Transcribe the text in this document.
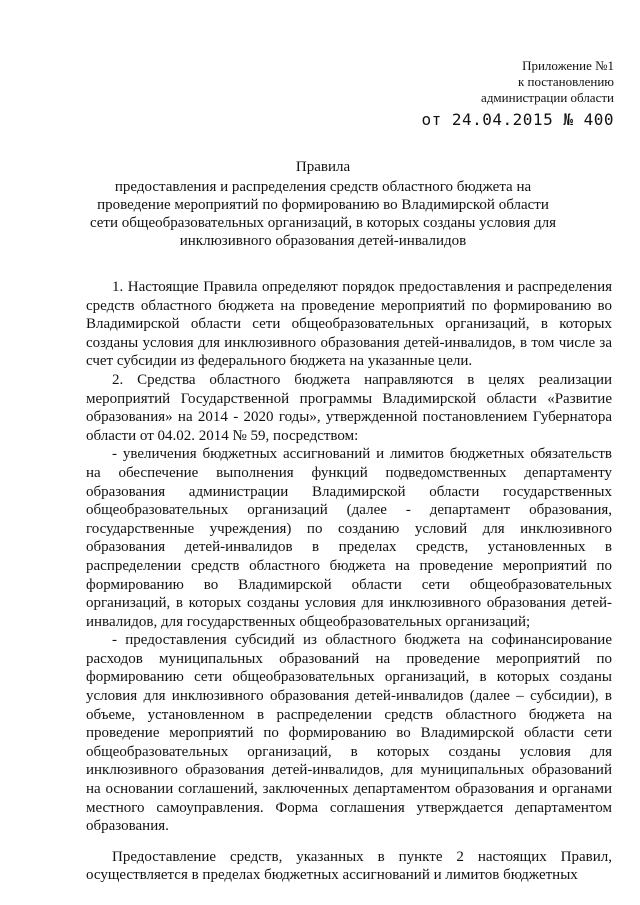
Приложение №1
к постановлению
администрации области
от 24.04.2015 № 400
Правила
предоставления и распределения средств областного бюджета на проведение мероприятий по формированию во Владимирской области сети общеобразовательных организаций, в которых созданы условия для инклюзивного образования детей-инвалидов

1. Настоящие Правила определяют порядок предоставления и распределения средств областного бюджета на проведение мероприятий по формированию во Владимирской области сети общеобразовательных организаций, в которых созданы условия для инклюзивного образования детей-инвалидов, в том числе за счет субсидии из федерального бюджета на указанные цели.

2. Средства областного бюджета направляются в целях реализации мероприятий Государственной программы Владимирской области «Развитие образования» на 2014 - 2020 годы», утвержденной постановлением Губернатора области от 04.02. 2014 № 59, посредством:

- увеличения бюджетных ассигнований и лимитов бюджетных обязательств на обеспечение выполнения функций подведомственных департаменту образования администрации Владимирской области государственных общеобразовательных организаций (далее - департамент образования, государственные учреждения) по созданию условий для инклюзивного образования детей-инвалидов в пределах средств, установленных в распределении средств областного бюджета на проведение мероприятий по формированию во Владимирской области сети общеобразовательных организаций, в которых созданы условия для инклюзивного образования детей-инвалидов, для государственных общеобразовательных организаций;

- предоставления субсидий из областного бюджета на софинансирование расходов муниципальных образований на проведение мероприятий по формированию сети общеобразовательных организаций, в которых созданы условия для инклюзивного образования детей-инвалидов (далее – субсидии), в объеме, установленном в распределении средств областного бюджета на проведение мероприятий по формированию во Владимирской области сети общеобразовательных организаций, в которых созданы условия для инклюзивного образования детей-инвалидов, для муниципальных образований на основании соглашений, заключенных департаментом образования и органами местного самоуправления. Форма соглашения утверждается департаментом образования.

Предоставление средств, указанных в пункте 2 настоящих Правил, осуществляется в пределах бюджетных ассигнований и лимитов бюджетных
